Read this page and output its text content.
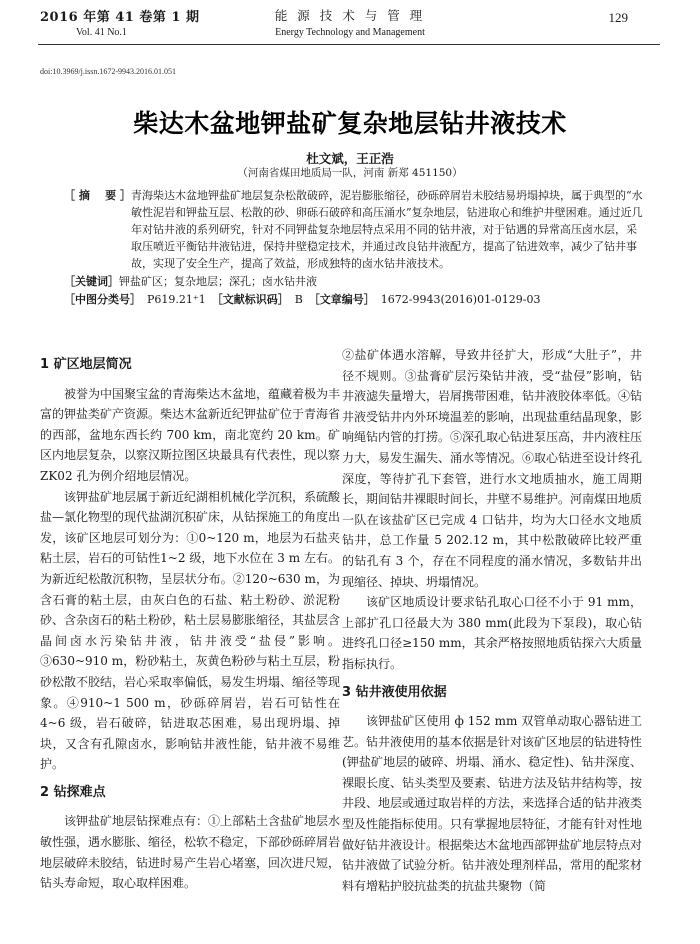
2016 年第 41 卷第 1 期
Vol. 41 No.1
能 源 技 术 与 管 理
Energy Technology and Management
129
doi:10.3969/j.issn.1672-9943.2016.01.051
柴达木盆地钾盐矿复杂地层钻井液技术
杜文斌，王正浩
（河南省煤田地质局一队，河南 新郑 451150）
［ 摘    要 ］ 青海柴达木盆地钾盐矿地层复杂松散破碎，泥岩膨胀缩径，砂砾碎屑岩未胶结易坍塌掉块，属于典型的“水敏性泥岩和钾盐互层、松散的砂、卵砾石破碎和高压涌水”复杂地层，钻进取心和维护井壁困难。通过近几年对钻井液的系列研究，针对不同钾盐复杂地层特点采用不同的钻井液，对于钻遇的异常高压卤水层，采取压喷近平衡钻井液钻进，保持井壁稳定技术，并通过改良钻井液配方，提高了钻进效率，减少了钻井事故，实现了安全生产，提高了效益，形成独特的卤水钻井液技术。
［关键词］ 钾盐矿区；复杂地层；深孔；卤水钻井液
［中图分类号］ P619.21⁺1 ［文献标识码］ B ［文章编号］ 1672-9943(2016)01-0129-03
1 矿区地层简况

被誉为中国聚宝盆的青海柴达木盆地，蕴藏着极为丰富的钾盐类矿产资源。柴达木盆新近纪钾盐矿位于青海省的西部，盆地东西长约 700 km，南北宽约 20 km。矿区内地层复杂，以察汉斯拉图区块最具有代表性，现以察 ZK02 孔为例介绍地层情况。

该钾盐矿地层属于新近纪湖相机械化学沉积，系硫酸盐—氯化物型的现代盐湖沉积矿床，从钻探施工的角度出发，该矿区地层可划分为：①0~120 m，地层为石盐夹粘土层，岩石的可钻性1~2 级，地下水位在 3 m 左右。为新近纪松散沉积物，呈层状分布。②120~630 m，为含石膏的粘土层，由灰白色的石盐、粘土粉砂、淤泥粉砂、含杂卤石的粘土粉砂，粘土层易膨胀缩径，其盐层含晶间卤水污染钻井液，钻井液受“盐侵”影响。③630~910 m，粉砂粘土，灰黄色粉砂与粘土互层，粉砂松散不胶结，岩心采取率偏低，易发生坍塌、缩径等现象。④910~1 500 m，砂砾碎屑岩，岩石可钻性在 4~6 级，岩石破碎，钻进取芯困难，易出现坍塌、掉块，又含有孔隙卤水，影响钻井液性能，钻井液不易维护。

2 钻探难点

该钾盐矿地层钻探难点有：①上部粘土含盐矿地层水敏性强，遇水膨胀、缩径，松软不稳定，下部砂砾碎屑岩地层破碎未胶结，钻进时易产生岩心堵塞，回次进尺短，钻头寿命短，取心取样困难。

②盐矿体遇水溶解，导致井径扩大，形成“大肚子”，井径不规则。③盐膏矿层污染钻井液，受“盐侵”影响，钻井液滤失量增大，岩屑携带困难，钻井液胶体率低。④钻井液受钻井内外环境温差的影响，出现盐重结晶现象，影响绳钻内管的打捞。⑤深孔取心钻进泵压高，井内液柱压力大，易发生漏失、涌水等情况。⑥取心钻进至设计终孔深度，等待扩孔下套管，进行水文地质抽水，施工周期长，期间钻井裸眼时间长，井壁不易维护。河南煤田地质一队在该盐矿区已完成 4 口钻井，均为大口径水文地质钻井，总工作量 5 202.12 m，其中松散破碎比较严重的钻孔有 3 个，存在不同程度的涌水情况，多数钻井出现缩径、掉块、坍塌情况。

该矿区地质设计要求钻孔取心口径不小于 91 mm，上部扩孔口径最大为 380 mm(此段为下泵段)，取心钻进终孔口径≥150 mm，其余严格按照地质钻探六大质量指标执行。

3 钻井液使用依据

该钾盐矿区使用 ф 152 mm 双管单动取心器钻进工艺。钻井液使用的基本依据是针对该矿区地层的钻进特性(钾盐矿地层的破碎、坍塌、涌水、稳定性)、钻井深度、裸眼长度、钻头类型及要素、钻进方法及钻井结构等，按井段、地层或通过取岩样的方法，来选择合适的钻井液类型及性能指标使用。只有掌握地层特征，才能有针对性地做好钻井液设计。根据柴达木盆地西部钾盐矿地层特点对钻井液做了试验分析。钻井液处理剂样品，常用的配浆材料有增粘护胶抗盐类的抗盐共聚物（简
